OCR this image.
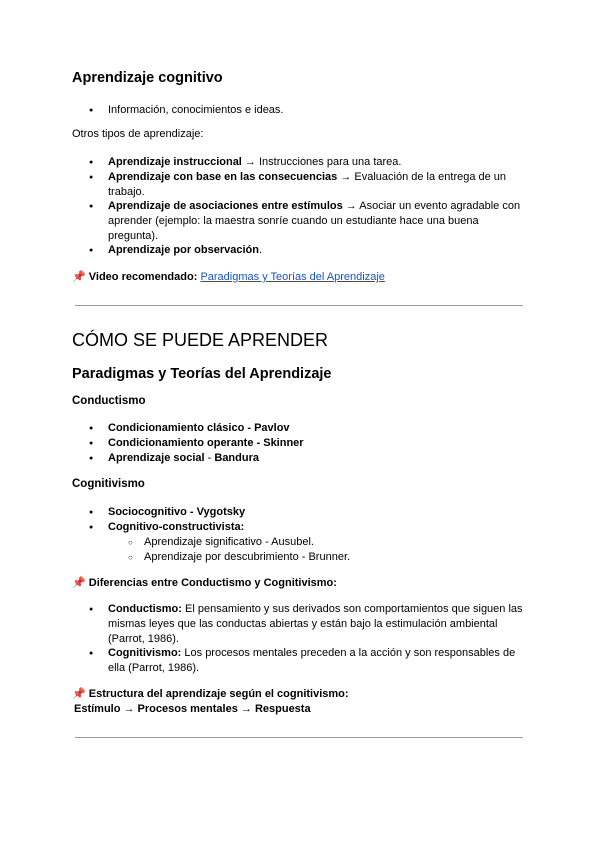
Aprendizaje cognitivo
● Información, conocimientos e ideas.
Otros tipos de aprendizaje:
● Aprendizaje instruccional → Instrucciones para una tarea.
● Aprendizaje con base en las consecuencias → Evaluación de la entrega de un trabajo.
● Aprendizaje de asociaciones entre estímulos → Asociar un evento agradable con aprender (ejemplo: la maestra sonríe cuando un estudiante hace una buena pregunta).
● Aprendizaje por observación.
📌 Video recomendado: Paradigmas y Teorías del Aprendizaje
CÓMO SE PUEDE APRENDER
Paradigmas y Teorías del Aprendizaje
Conductismo
● Condicionamiento clásico - Pavlov
● Condicionamiento operante - Skinner
● Aprendizaje social - Bandura
Cognitivismo
● Sociocognitivo - Vygotsky
● Cognitivo-constructivista:
○ Aprendizaje significativo - Ausubel.
○ Aprendizaje por descubrimiento - Brunner.
📌 Diferencias entre Conductismo y Cognitivismo:
● Conductismo: El pensamiento y sus derivados son comportamientos que siguen las mismas leyes que las conductas abiertas y están bajo la estimulación ambiental (Parrot, 1986).
● Cognitivismo: Los procesos mentales preceden a la acción y son responsables de ella (Parrot, 1986).
📌 Estructura del aprendizaje según el cognitivismo:
Estímulo → Procesos mentales → Respuesta
